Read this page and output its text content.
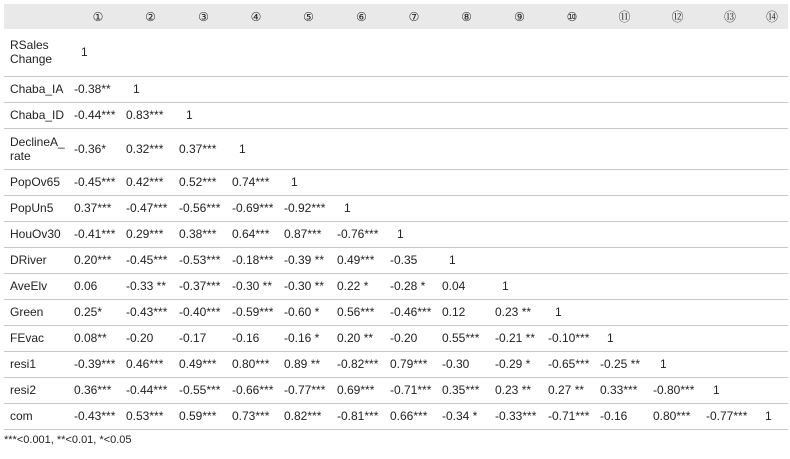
	①	②	③	④	⑤	⑥	⑦	⑧	⑨	⑩	⑪	⑫	⑬	⑭
RSales Change	1													
Chaba_IA	-0.38**	1												
Chaba_ID	-0.44***	0.83***	1											
DeclineA_ rate	-0.36*	0.32***	0.37***	1										
PopOv65	-0.45***	0.42***	0.52***	0.74***	1									
PopUn5	0.37***	-0.47***	-0.56***	-0.69***	-0.92***	1								
HouOv30	-0.41***	0.29***	0.38***	0.64***	0.87***	-0.76***	1							
DRiver	0.20***	-0.45***	-0.53***	-0.18***	-0.39 **	0.49***	-0.35	1						
AveElv	0.06	-0.33 **	-0.37***	-0.30 **	-0.30 **	0.22 *	-0.28 *	0.04	1					
Green	0.25*	-0.43***	-0.40***	-0.59***	-0.60 *	0.56***	-0.46***	0.12	0.23 **	1				
FEvac	0.08**	-0.20	-0.17	-0.16	-0.16 *	0.20 **	-0.20	0.55***	-0.21 **	-0.10***	1			
resi1	-0.39***	0.46***	0.49***	0.80***	0.89 **	-0.82***	0.79***	-0.30	-0.29 *	-0.65***	-0.25 **	1		
resi2	0.36***	-0.44***	-0.55***	-0.66***	-0.77***	0.69***	-0.71***	0.35***	0.23 **	0.27 **	0.33***	-0.80***	1	
com	-0.43***	0.53***	0.59***	0.73***	0.82***	-0.81***	0.66***	-0.34 *	-0.33***	-0.71***	-0.16	0.80***	-0.77***	1
***<0.001, **<0.01, *<0.05
